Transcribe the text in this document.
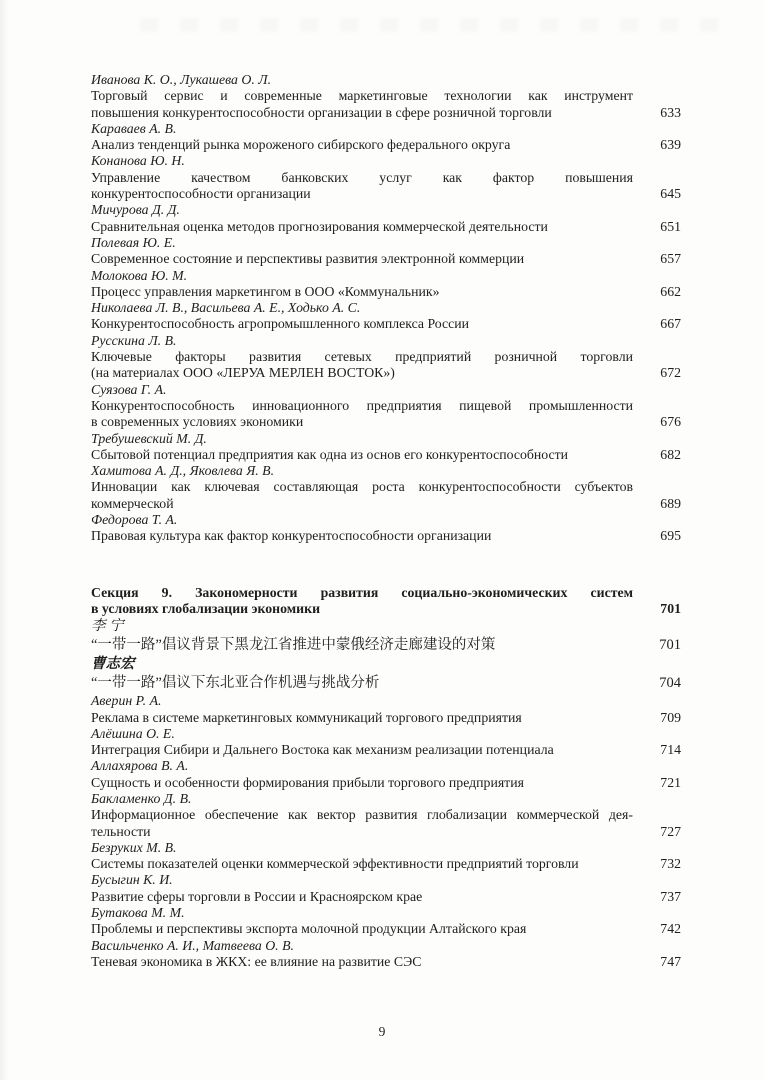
Иванова К. О., Лукашева О. Л.
Торговый сервис и современные маркетинговые технологии как инструмент
повышения конкурентоспособности организации в сфере розничной торговли	633
Караваев А. В.
Анализ тенденций рынка мороженого сибирского федерального округа	639
Конанова Ю. Н.
Управление качеством банковских услуг как фактор повышения
конкурентоспособности организации	645
Мичурова Д. Д.
Сравнительная оценка методов прогнозирования коммерческой деятельности	651
Полевая Ю. Е.
Современное состояние и перспективы развития электронной коммерции	657
Молокова Ю. М.
Процесс управления маркетингом в ООО «Коммунальник»	662
Николаева Л. В., Васильева А. Е., Ходько А. С.
Конкурентоспособность агропромышленного комплекса России	667
Русскина Л. В.
Ключевые факторы развития сетевых предприятий розничной торговли
(на материалах ООО «ЛЕРУА МЕРЛЕН ВОСТОК»)	672
Суязова Г. А.
Конкурентоспособность инновационного предприятия пищевой промышленности
в современных условиях экономики	676
Требушевский М. Д.
Сбытовой потенциал предприятия как одна из основ его конкурентоспособности	682
Хамитова А. Д., Яковлева Я. В.
Инновации как ключевая составляющая роста конкурентоспособности субъектов
коммерческой	689
Федорова Т. А.
Правовая культура как фактор конкурентоспособности организации	695
Секция 9. Закономерности развития социально-экономических систем
в условиях глобализации экономики	701
李 宁
“一带一路”倡议背景下黑龙江省推进中蒙俄经济走廊建设的对策	701
曹志宏
“一带一路”倡议下东北亚合作机遇与挑战分析	704
Аверин Р. А.
Реклама в системе маркетинговых коммуникаций торгового предприятия	709
Алёшина О. Е.
Интеграция Сибири и Дальнего Востока как механизм реализации потенциала	714
Аллахярова В. А.
Сущность и особенности формирования прибыли торгового предприятия	721
Бакламенко Д. В.
Информационное обеспечение как вектор развития глобализации коммерческой дея-
тельности	727
Безруких М. В.
Системы показателей оценки коммерческой эффективности предприятий торговли	732
Бусыгин К. И.
Развитие сферы торговли в России и Красноярском крае	737
Бутакова М. М.
Проблемы и перспективы экспорта молочной продукции Алтайского края	742
Васильченко А. И., Матвеева О. В.
Теневая экономика в ЖКХ: ее влияние на развитие СЭС	747
9
